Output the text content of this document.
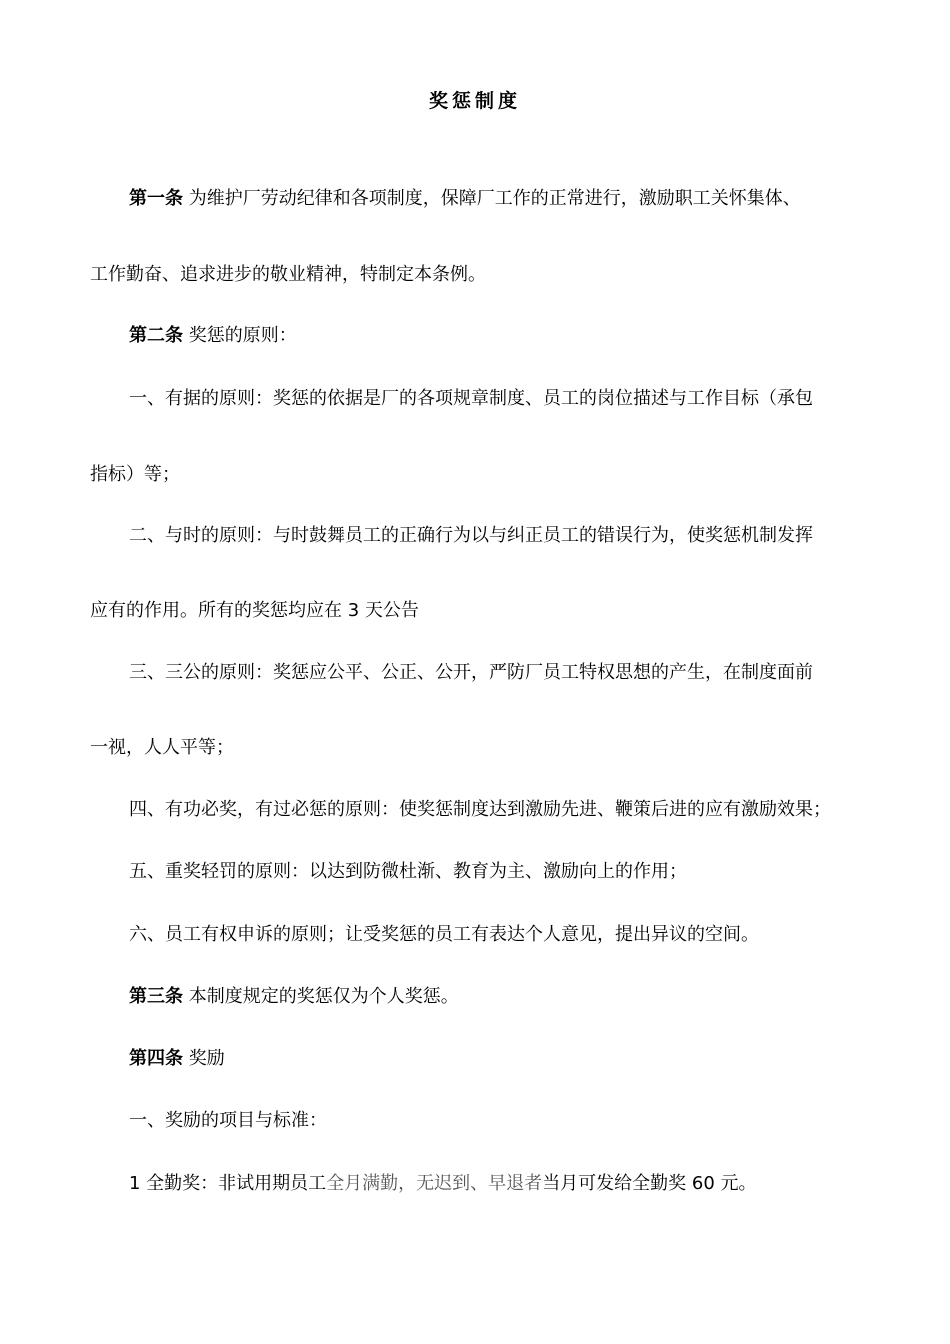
奖惩制度

第一条 为维护厂劳动纪律和各项制度，保障厂工作的正常进行，激励职工关怀集体、

工作勤奋、追求进步的敬业精神，特制定本条例。

第二条 奖惩的原则：

一、有据的原则：奖惩的依据是厂的各项规章制度、员工的岗位描述与工作目标（承包

指标）等；

二、与时的原则：与时鼓舞员工的正确行为以与纠正员工的错误行为，使奖惩机制发挥

应有的作用。所有的奖惩均应在 3 天公告

三、三公的原则：奖惩应公平、公正、公开，严防厂员工特权思想的产生，在制度面前

一视，人人平等；

四、有功必奖，有过必惩的原则：使奖惩制度达到激励先进、鞭策后进的应有激励效果；

五、重奖轻罚的原则：以达到防微杜渐、教育为主、激励向上的作用；

六、员工有权申诉的原则；让受奖惩的员工有表达个人意见，提出异议的空间。

第三条 本制度规定的奖惩仅为个人奖惩。

第四条 奖励

一、奖励的项目与标准：

1 全勤奖：非试用期员工全月满勤，无迟到、早退者当月可发给全勤奖 60 元。
